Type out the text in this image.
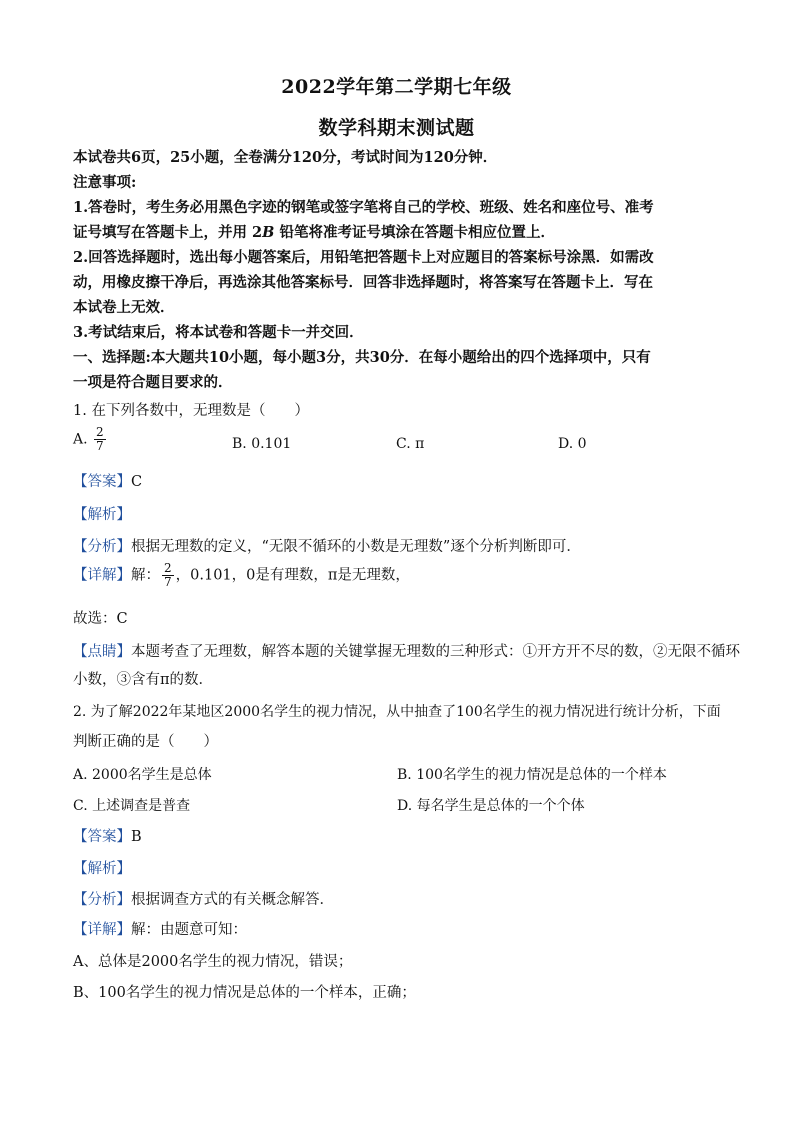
2022学年第二学期七年级
数学科期末测试题
本试卷共6页，25小题，全卷满分120分，考试时间为120分钟．
注意事项:
1.答卷时，考生务必用黑色字迹的钢笔或签字笔将自己的学校、班级、姓名和座位号、准考
证号填写在答题卡上，并用 2B 铅笔将准考证号填涂在答题卡相应位置上．
2.回答选择题时，选出每小题答案后，用铅笔把答题卡上对应题目的答案标号涂黑．如需改
动，用橡皮擦干净后，再选涂其他答案标号．回答非选择题时，将答案写在答题卡上．写在
本试卷上无效．
3.考试结束后，将本试卷和答题卡一并交回．
一、选择题:本大题共10小题，每小题3分，共30分．在每小题给出的四个选择项中，只有
一项是符合题目要求的．
1. 在下列各数中，无理数是（　　）
A. $\frac{2}{7}$	B. 0.101	C. π	D. 0
【答案】C
【解析】
【分析】根据无理数的定义，“无限不循环的小数是无理数”逐个分析判断即可．
【详解】解： $\frac{2}{7}$ ，0.101，0是有理数，π是无理数，
故选：C
【点睛】本题考查了无理数，解答本题的关键掌握无理数的三种形式：①开方开不尽的数，②无限不循环
小数，③含有π的数．
2. 为了解2022年某地区2000名学生的视力情况，从中抽查了100名学生的视力情况进行统计分析，下面
判断正确的是（　　）
A. 2000名学生是总体	B. 100名学生的视力情况是总体的一个样本
C. 上述调查是普查	D. 每名学生是总体的一个个体
【答案】B
【解析】
【分析】根据调查方式的有关概念解答．
【详解】解：由题意可知：
A、总体是2000名学生的视力情况，错误；
B、100名学生的视力情况是总体的一个样本，正确；
